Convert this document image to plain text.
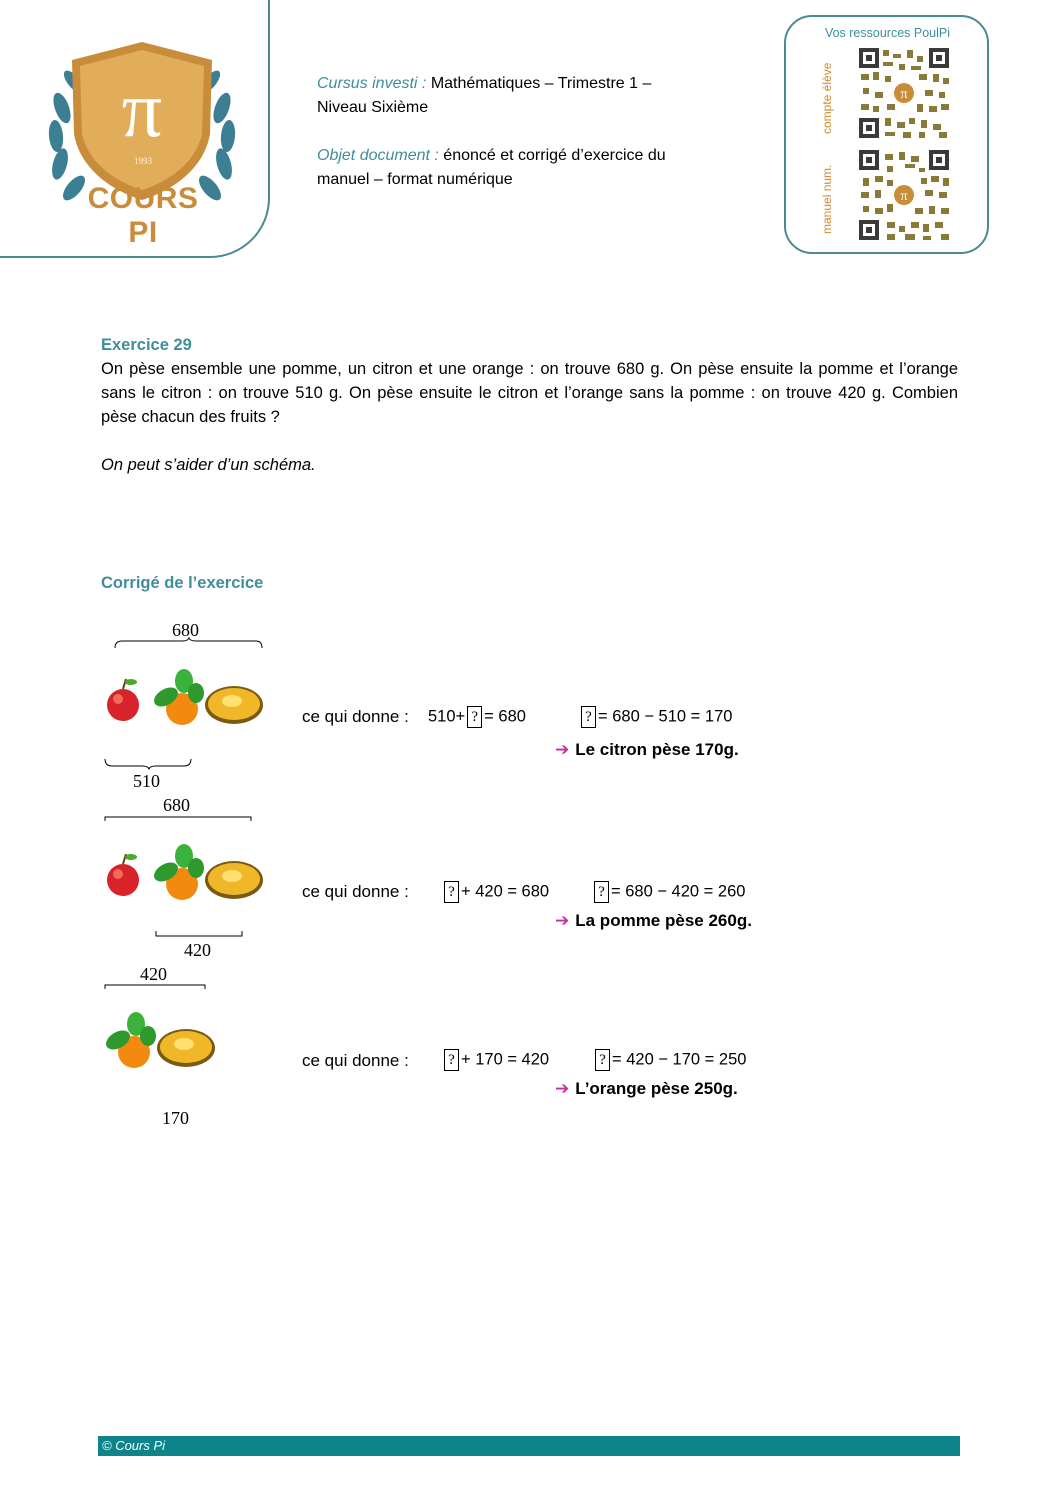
π
1993
COURS PI
Cursus investi : Mathématiques – Trimestre 1 –
Niveau Sixième
Objet document : énoncé et corrigé d’exercice du
manuel – format numérique
Vos ressources PoulPi
compte élève
manuel num.
π
π
Exercice 29
On pèse ensemble une pomme, un citron et une orange : on trouve 680 g. On pèse ensuite la pomme et l’orange sans le citron : on trouve 510 g. On pèse ensuite le citron et l’orange sans la pomme : on trouve 420 g. Combien pèse chacun des fruits ?
On peut s’aider d’un schéma.
Corrigé de l’exercice
680
510
ce qui donne : 510+ ? = 680	? = 680 − 510 = 170
➔ Le citron pèse 170g.
680
420
ce qui donne :	? + 420 = 680	? = 680 − 420 = 260
➔ La pomme pèse 260g.
420
170
ce qui donne :	? + 170 = 420	? = 420 − 170 = 250
➔ L’orange pèse 250g.
© Cours Pi
